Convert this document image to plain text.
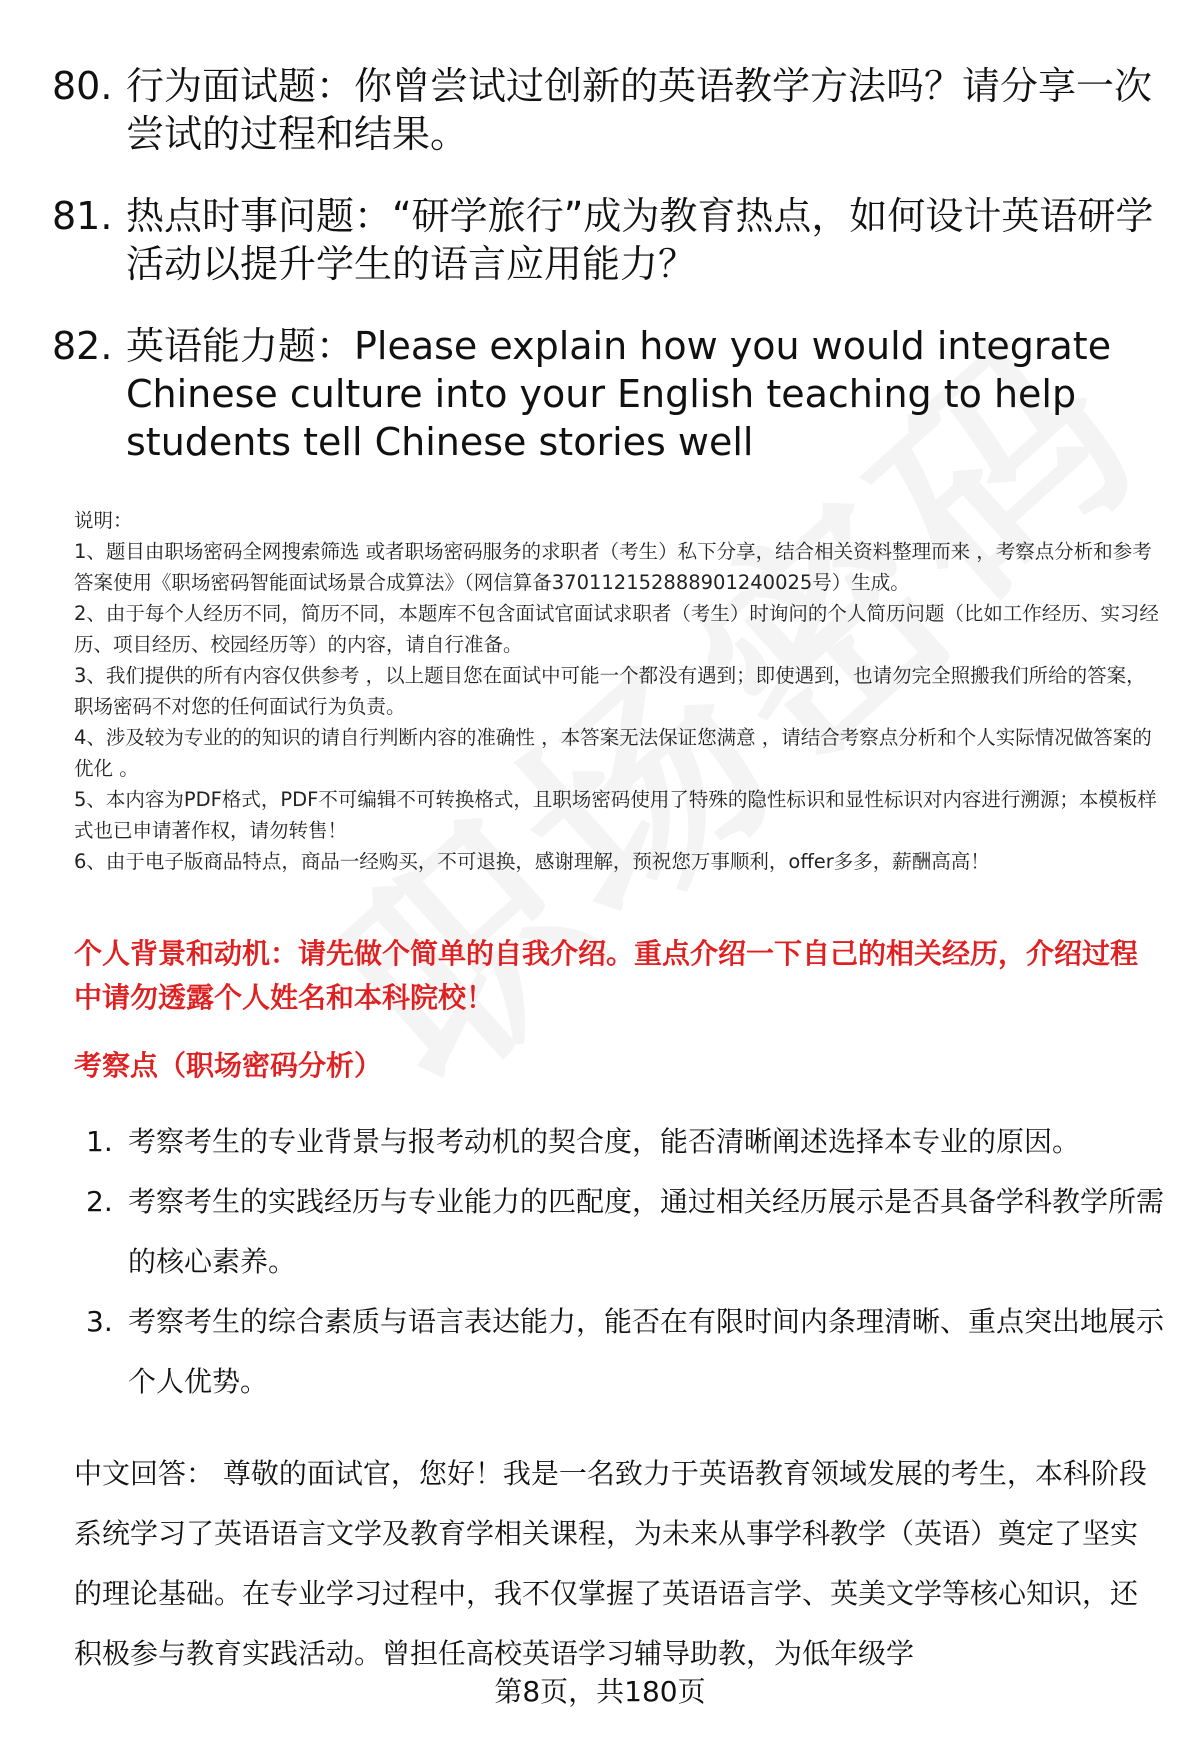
80. 行为面试题：你曾尝试过创新的英语教学方法吗？请分享一次尝试的过程和结果。
81. 热点时事问题：“研学旅行”成为教育热点，如何设计英语研学活动以提升学生的语言应用能力？
82. 英语能力题：Please explain how you would integrate Chinese culture into your English teaching to help students tell Chinese stories well
说明：
1、题目由职场密码全网搜索筛选 或者职场密码服务的求职者（考生）私下分享，结合相关资料整理而来 ，考察点分析和参考答案使用《职场密码智能面试场景合成算法》（网信算备370112152888901240025号）生成。
2、由于每个人经历不同，简历不同，本题库不包含面试官面试求职者（考生）时询问的个人简历问题（比如工作经历、实习经历、项目经历、校园经历等）的内容，请自行准备。
3、我们提供的所有内容仅供参考 ，以上题目您在面试中可能一个都没有遇到；即使遇到，也请勿完全照搬我们所给的答案，职场密码不对您的任何面试行为负责。
4、涉及较为专业的的知识的请自行判断内容的准确性 ，本答案无法保证您满意 ，请结合考察点分析和个人实际情况做答案的优化 。
5、本内容为PDF格式，PDF不可编辑不可转换格式，且职场密码使用了特殊的隐性标识和显性标识对内容进行溯源；本模板样式也已申请著作权，请勿转售！
6、由于电子版商品特点，商品一经购买，不可退换，感谢理解，预祝您万事顺利，offer多多，薪酬高高！
个人背景和动机：请先做个简单的自我介绍。重点介绍一下自己的相关经历，介绍过程中请勿透露个人姓名和本科院校！
考察点（职场密码分析）
1. 考察考生的专业背景与报考动机的契合度，能否清晰阐述选择本专业的原因。
2. 考察考生的实践经历与专业能力的匹配度，通过相关经历展示是否具备学科教学所需的核心素养。
3. 考察考生的综合素质与语言表达能力，能否在有限时间内条理清晰、重点突出地展示个人优势。
中文回答： 尊敬的面试官，您好！我是一名致力于英语教育领域发展的考生，本科阶段系统学习了英语语言文学及教育学相关课程，为未来从事学科教学（英语）奠定了坚实的理论基础。在专业学习过程中，我不仅掌握了英语语言学、英美文学等核心知识，还积极参与教育实践活动。曾担任高校英语学习辅导助教，为低年级学
第8页，共180页
